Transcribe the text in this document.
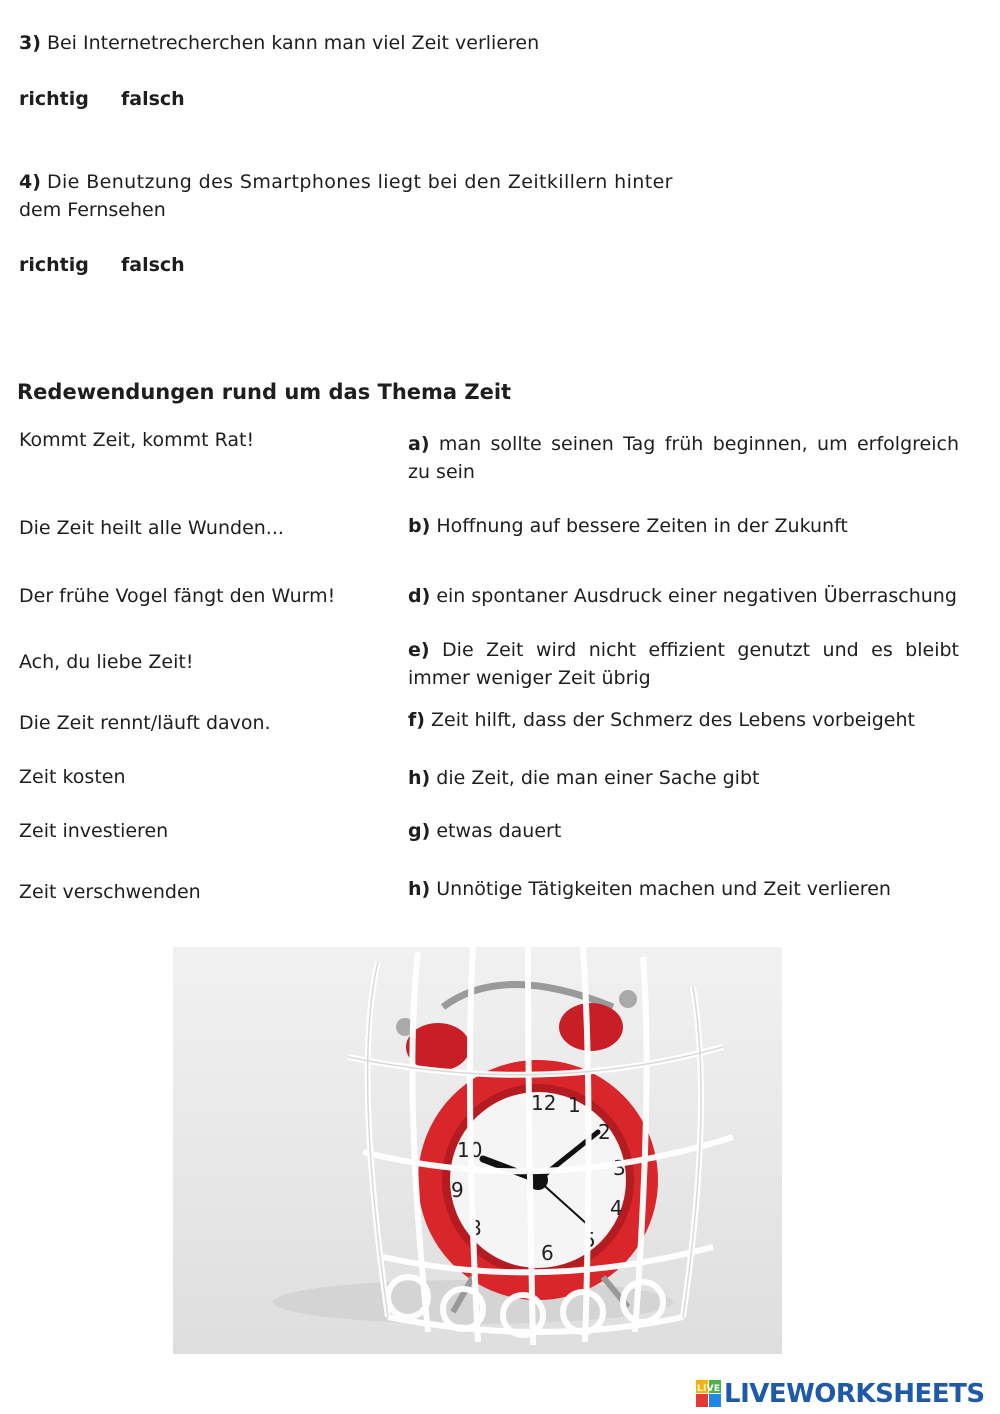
3) Bei Internetrecherchen kann man viel Zeit verlieren
richtig falsch
4) Die Benutzung des Smartphones liegt bei den Zeitkillern hinter
dem Fernsehen
richtig falsch
Redewendungen rund um das Thema Zeit
Kommt Zeit, kommt Rat!
Die Zeit heilt alle Wunden...
Der frühe Vogel fängt den Wurm!
Ach, du liebe Zeit!
Die Zeit rennt/läuft davon.
Zeit kosten
Zeit investieren
Zeit verschwenden
a) man sollte seinen Tag früh beginnen, um erfolgreich zu sein
b) Hoffnung auf bessere Zeiten in der Zukunft
d) ein spontaner Ausdruck einer negativen Überraschung
e) Die Zeit wird nicht effizient genutzt und es bleibt immer weniger Zeit übrig
f) Zeit hilft, dass der Schmerz des Lebens vorbeigeht
h) die Zeit, die man einer Sache gibt
g) etwas dauert
h) Unnötige Tätigkeiten machen und Zeit verlieren
12 1
2
3
4
5
6
8
9
10
LIVE LIVEWORKSHEETS
